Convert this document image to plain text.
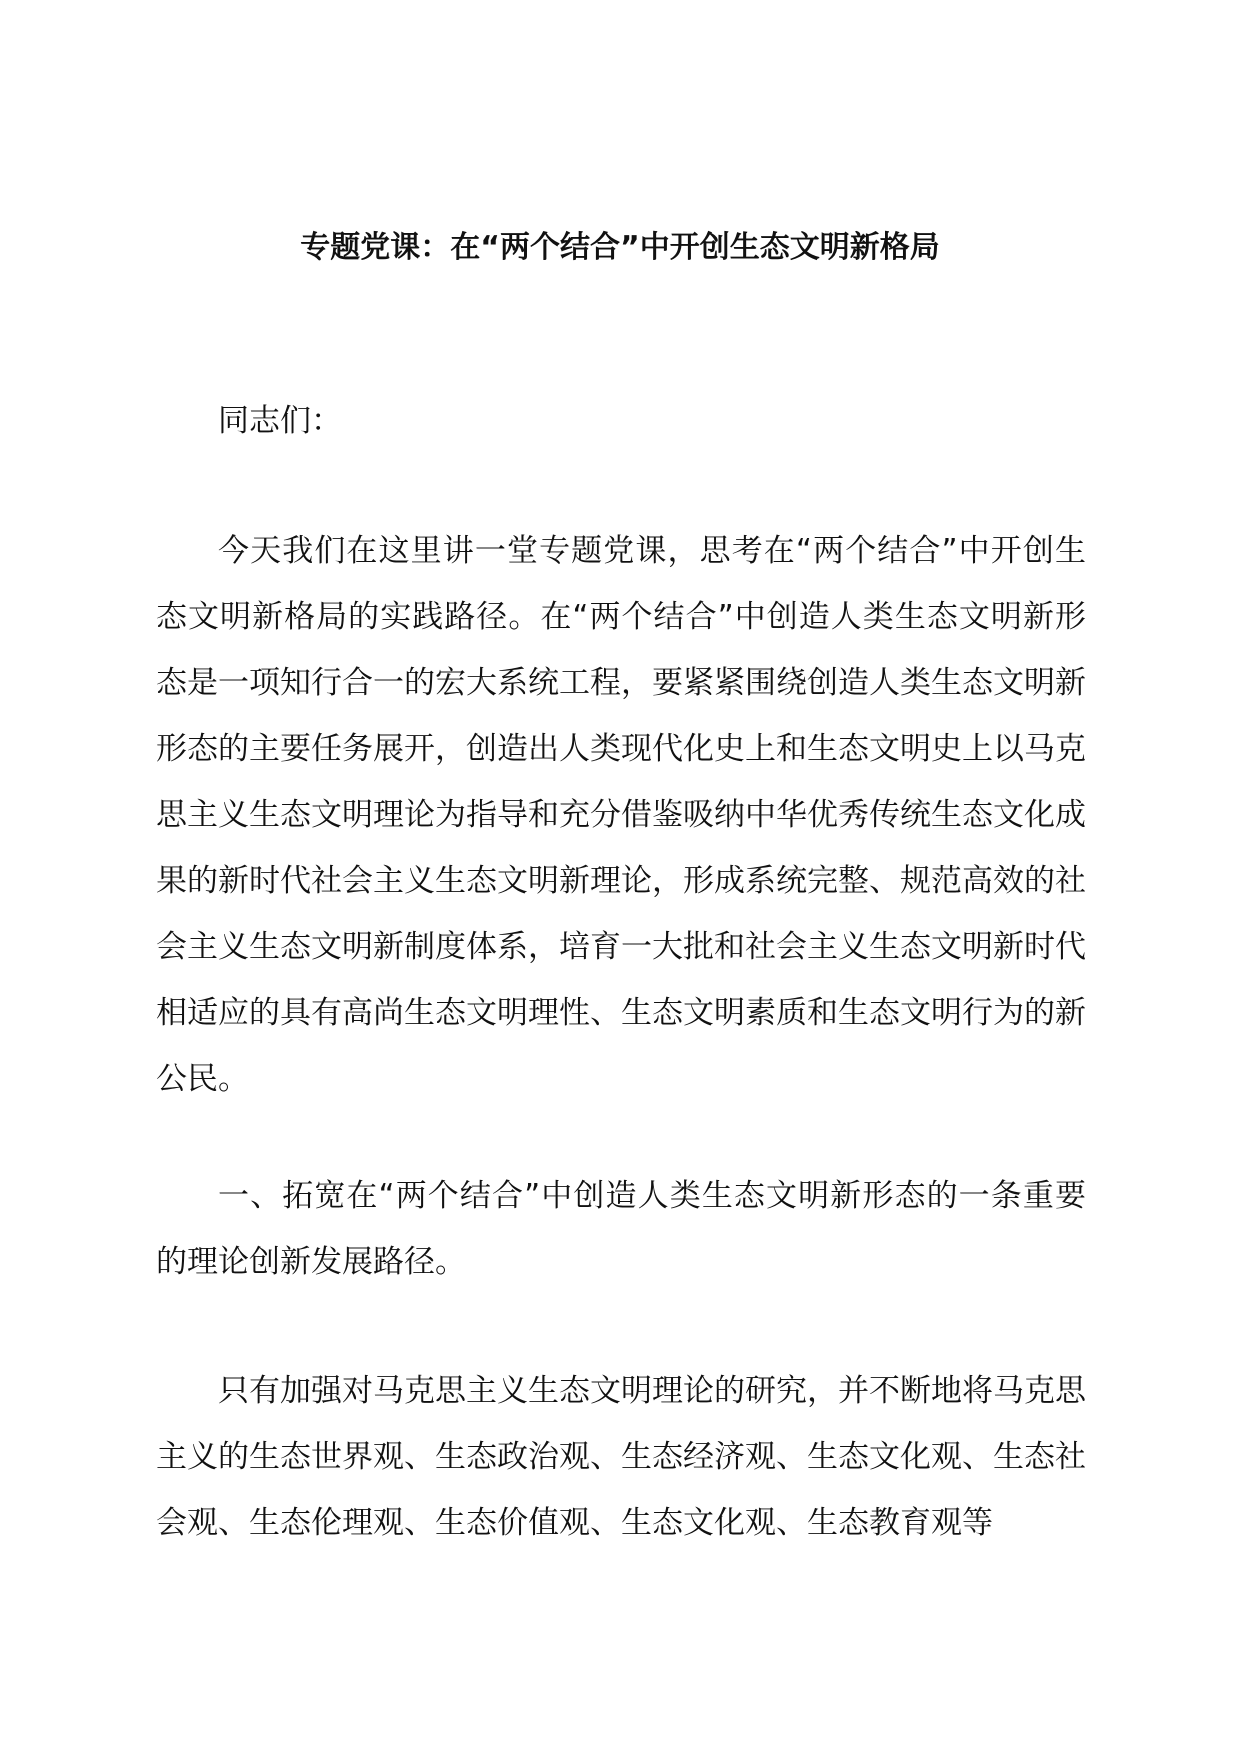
专题党课：在“两个结合”中开创生态文明新格局

同志们：

今天我们在这里讲一堂专题党课，思考在“两个结合”中开创生态文明新格局的实践路径。在“两个结合”中创造人类生态文明新形态是一项知行合一的宏大系统工程，要紧紧围绕创造人类生态文明新形态的主要任务展开，创造出人类现代化史上和生态文明史上以马克思主义生态文明理论为指导和充分借鉴吸纳中华优秀传统生态文化成果的新时代社会主义生态文明新理论，形成系统完整、规范高效的社会主义生态文明新制度体系，培育一大批和社会主义生态文明新时代相适应的具有高尚生态文明理性、生态文明素质和生态文明行为的新公民。

一、拓宽在“两个结合”中创造人类生态文明新形态的一条重要的理论创新发展路径。

只有加强对马克思主义生态文明理论的研究，并不断地将马克思主义的生态世界观、生态政治观、生态经济观、生态文化观、生态社会观、生态伦理观、生态价值观、生态文化观、生态教育观等
